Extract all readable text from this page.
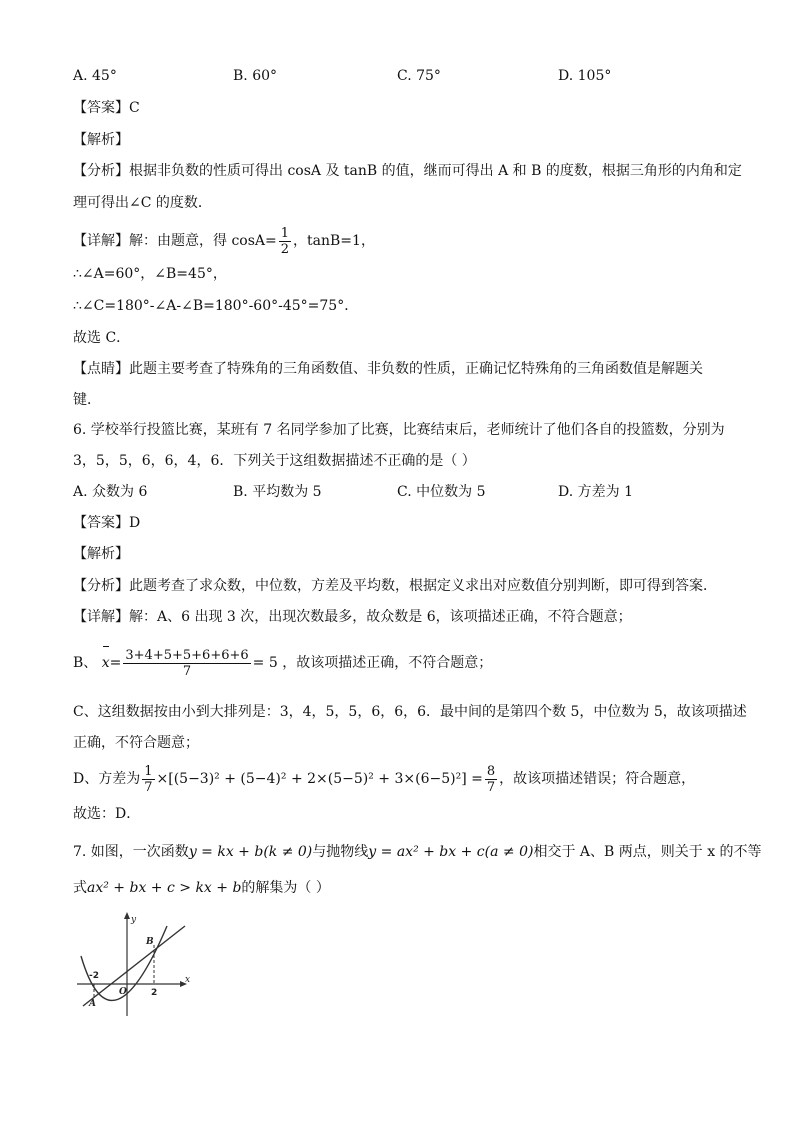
A. 45°	B. 60°	C. 75°	D. 105°
【答案】C
【解析】
【分析】根据非负数的性质可得出 cosA 及 tanB 的值，继而可得出 A 和 B 的度数，根据三角形的内角和定
理可得出∠C 的度数．
【详解】解：由题意，得 $\cos A= \frac{1}{2}$ ，tanB=1，
∴∠A=60°，∠B=45°，
∴∠C=180°-∠A-∠B=180°-60°-45°=75°．
故选 C．
【点睛】此题主要考查了特殊角的三角函数值、非负数的性质，正确记忆特殊角的三角函数值是解题关
键．
6. 学校举行投篮比赛，某班有 7 名同学参加了比赛，比赛结束后，老师统计了他们各自的投篮数，分别为
3，5，5，6，6，4，6．下列关于这组数据描述不正确的是（ ）
A. 众数为 6	B. 平均数为 5	C. 中位数为 5	D. 方差为 1
【答案】D
【解析】
【分析】此题考查了求众数，中位数，方差及平均数，根据定义求出对应数值分别判断，即可得到答案．
【详解】解：A、6 出现 3 次，出现次数最多，故众数是 6，该项描述正确，不符合题意；
B、 $x= \frac{3+4+5+5+6+6+6}{7} = 5$ ，故该项描述正确，不符合题意；
C、这组数据按由小到大排列是：3，4，5，5，6，6，6．最中间的是第四个数 5，中位数为 5，故该项描述
正确，不符合题意；
D、方差为 $\frac{1}{7} \times[(5-3)^2 + (5-4)^2 + 2\times(5-5)^2 + 3\times(6-5)^2] = \frac{8}{7}$ ，故该项描述错误；符合题意，
故选：D．
7. 如图，一次函数y = kx + b(k ≠ 0)与抛物线y = ax² + bx + c(a ≠ 0)相交于 A、B 两点，则关于 x 的不等
式ax² + bx + c > kx + b的解集为（ ）
y
x
B
A
O
-2
2
